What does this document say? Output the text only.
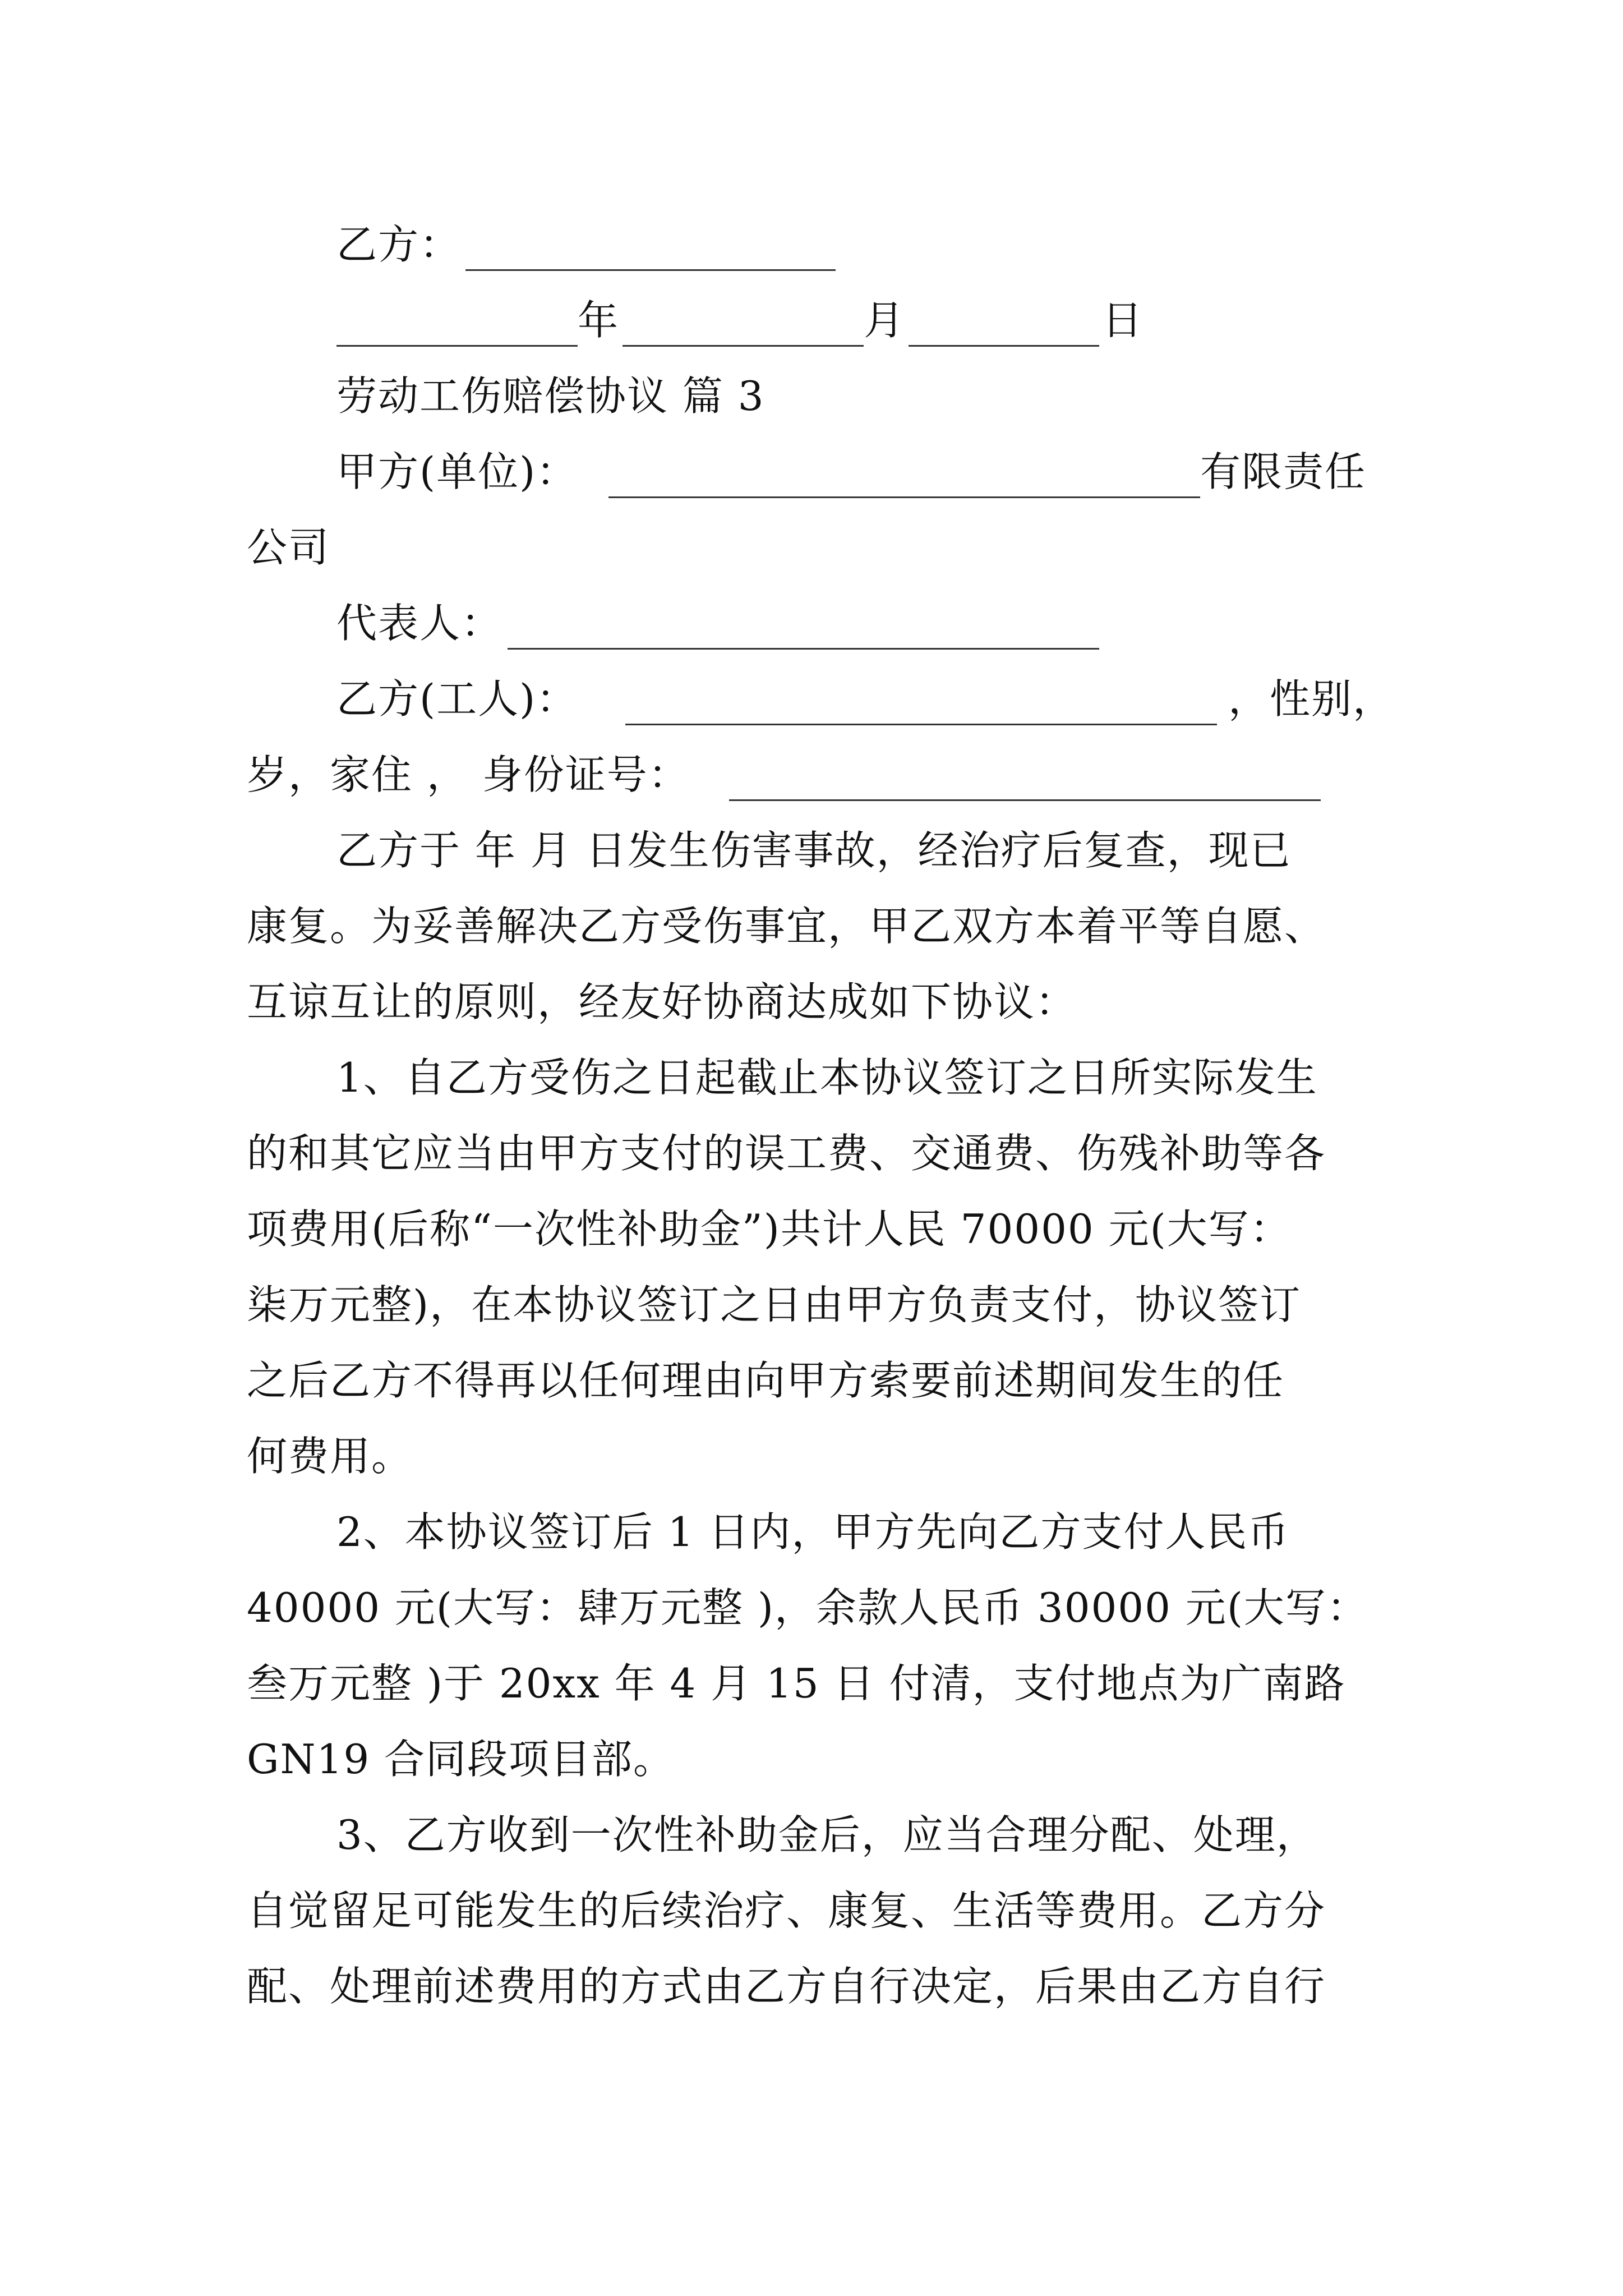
乙方：
年	月	日
劳动工伤赔偿协议 篇 3
甲方(单位)：	有限责任
公司
代表人：
乙方(工人)：	，性别，
岁，家住 ， 身份证号：
乙方于 年 月 日发生伤害事故，经治疗后复查，现已
康复。为妥善解决乙方受伤事宜，甲乙双方本着平等自愿、
互谅互让的原则，经友好协商达成如下协议：
1、自乙方受伤之日起截止本协议签订之日所实际发生
的和其它应当由甲方支付的误工费、交通费、伤残补助等各
项费用(后称“一次性补助金”)共计人民 70000 元(大写：
柒万元整)，在本协议签订之日由甲方负责支付，协议签订
之后乙方不得再以任何理由向甲方索要前述期间发生的任
何费用。
2、本协议签订后 1 日内，甲方先向乙方支付人民币
40000 元(大写：肆万元整 )，余款人民币 30000 元(大写：
叁万元整 )于 20xx 年 4 月 15 日 付清，支付地点为广南路
GN19 合同段项目部。
3、乙方收到一次性补助金后，应当合理分配、处理，
自觉留足可能发生的后续治疗、康复、生活等费用。乙方分
配、处理前述费用的方式由乙方自行决定，后果由乙方自行
